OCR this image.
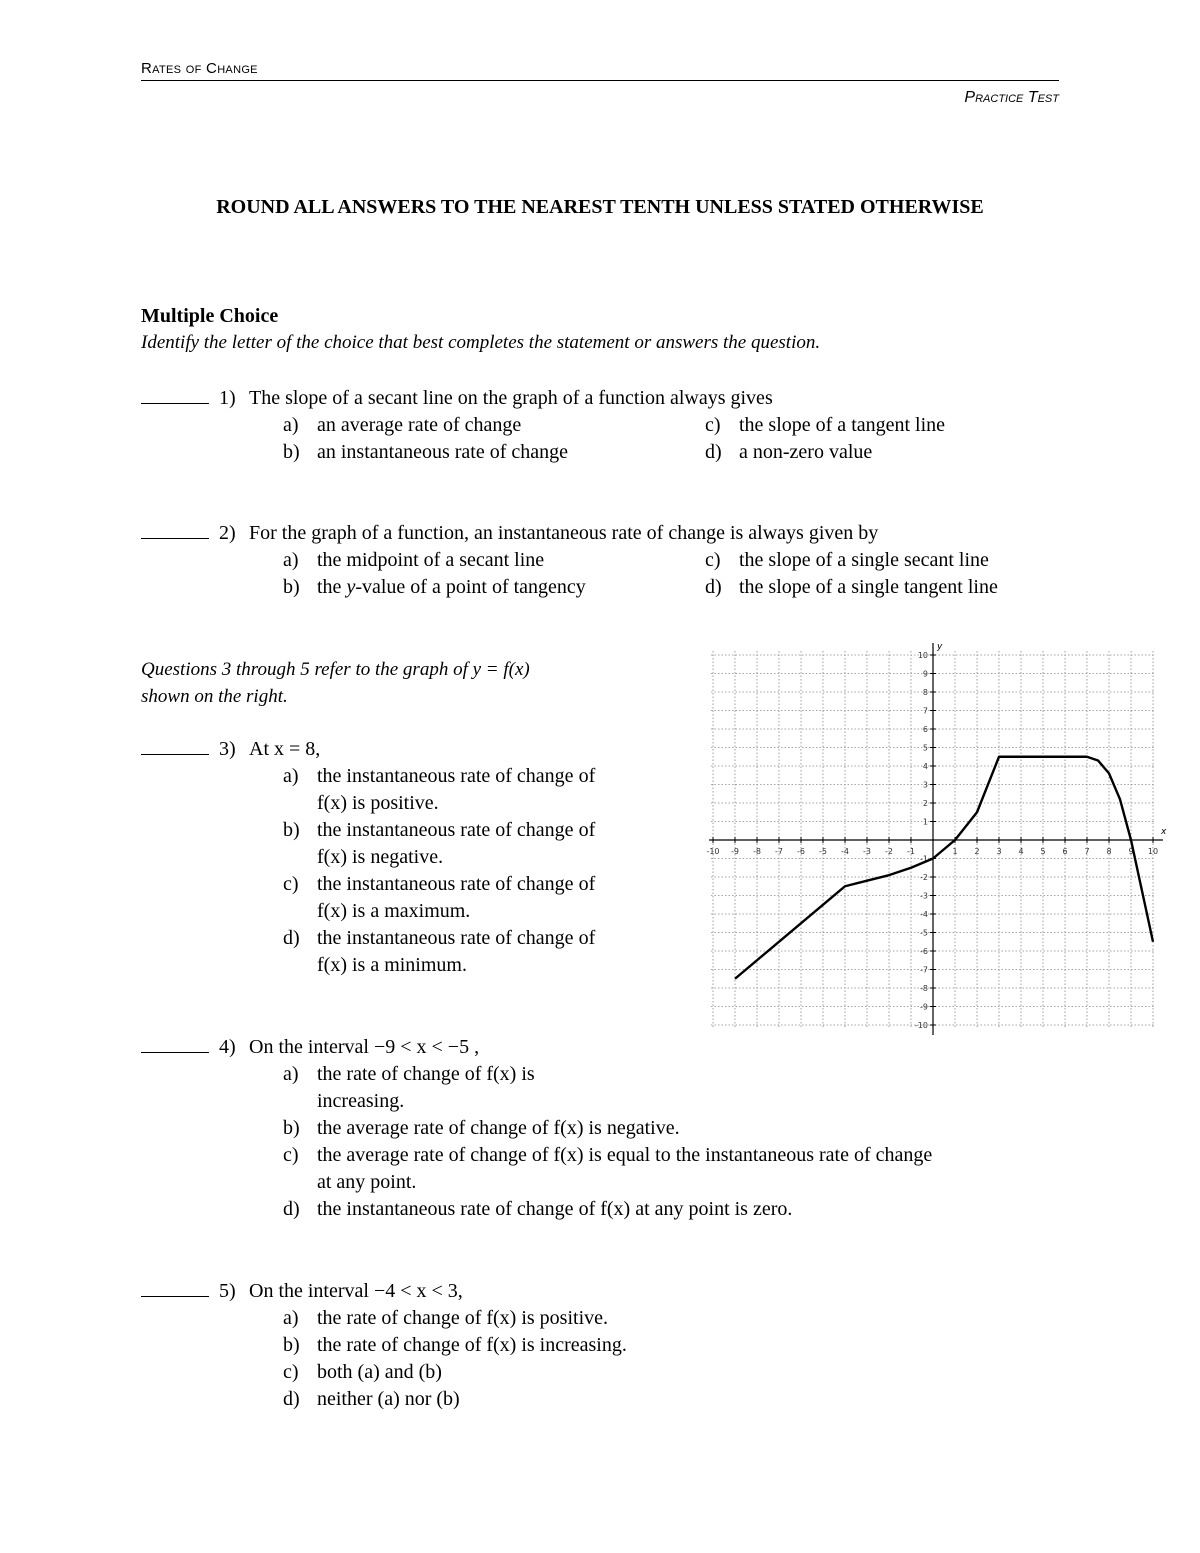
Rates of Change
Practice Test
ROUND ALL ANSWERS TO THE NEAREST TENTH UNLESS STATED OTHERWISE
Multiple Choice
Identify the letter of the choice that best completes the statement or answers the question.
1) The slope of a secant line on the graph of a function always gives
a) an average rate of change
b) an instantaneous rate of change
c) the slope of a tangent line
d) a non-zero value
2) For the graph of a function, an instantaneous rate of change is always given by
a) the midpoint of a secant line
b) the y-value of a point of tangency
c) the slope of a single secant line
d) the slope of a single tangent line
Questions 3 through 5 refer to the graph of y = f(x)
shown on the right.
3) At x = 8,
a) the instantaneous rate of change of
f(x) is positive.
b) the instantaneous rate of change of
f(x) is negative.
c) the instantaneous rate of change of
f(x) is a maximum.
d) the instantaneous rate of change of
f(x) is a minimum.
4) On the interval −9 < x < −5 ,
a) the rate of change of f(x) is
increasing.
b) the average rate of change of f(x) is negative.
c) the average rate of change of f(x) is equal to the instantaneous rate of change
at any point.
d) the instantaneous rate of change of f(x) at any point is zero.
5) On the interval −4 < x < 3,
a) the rate of change of f(x) is positive.
b) the rate of change of f(x) is increasing.
c) both (a) and (b)
d) neither (a) nor (b)
x
y
-10 -9 -8 -7 -6 -5 -4 -3 -2 -1	1 2 3 4 5 6 7 8 9 10
10
9
8
7
6
5
4
3
2
1
-1
-2
-3
-4
-5
-6
-7
-8
-9
-10
